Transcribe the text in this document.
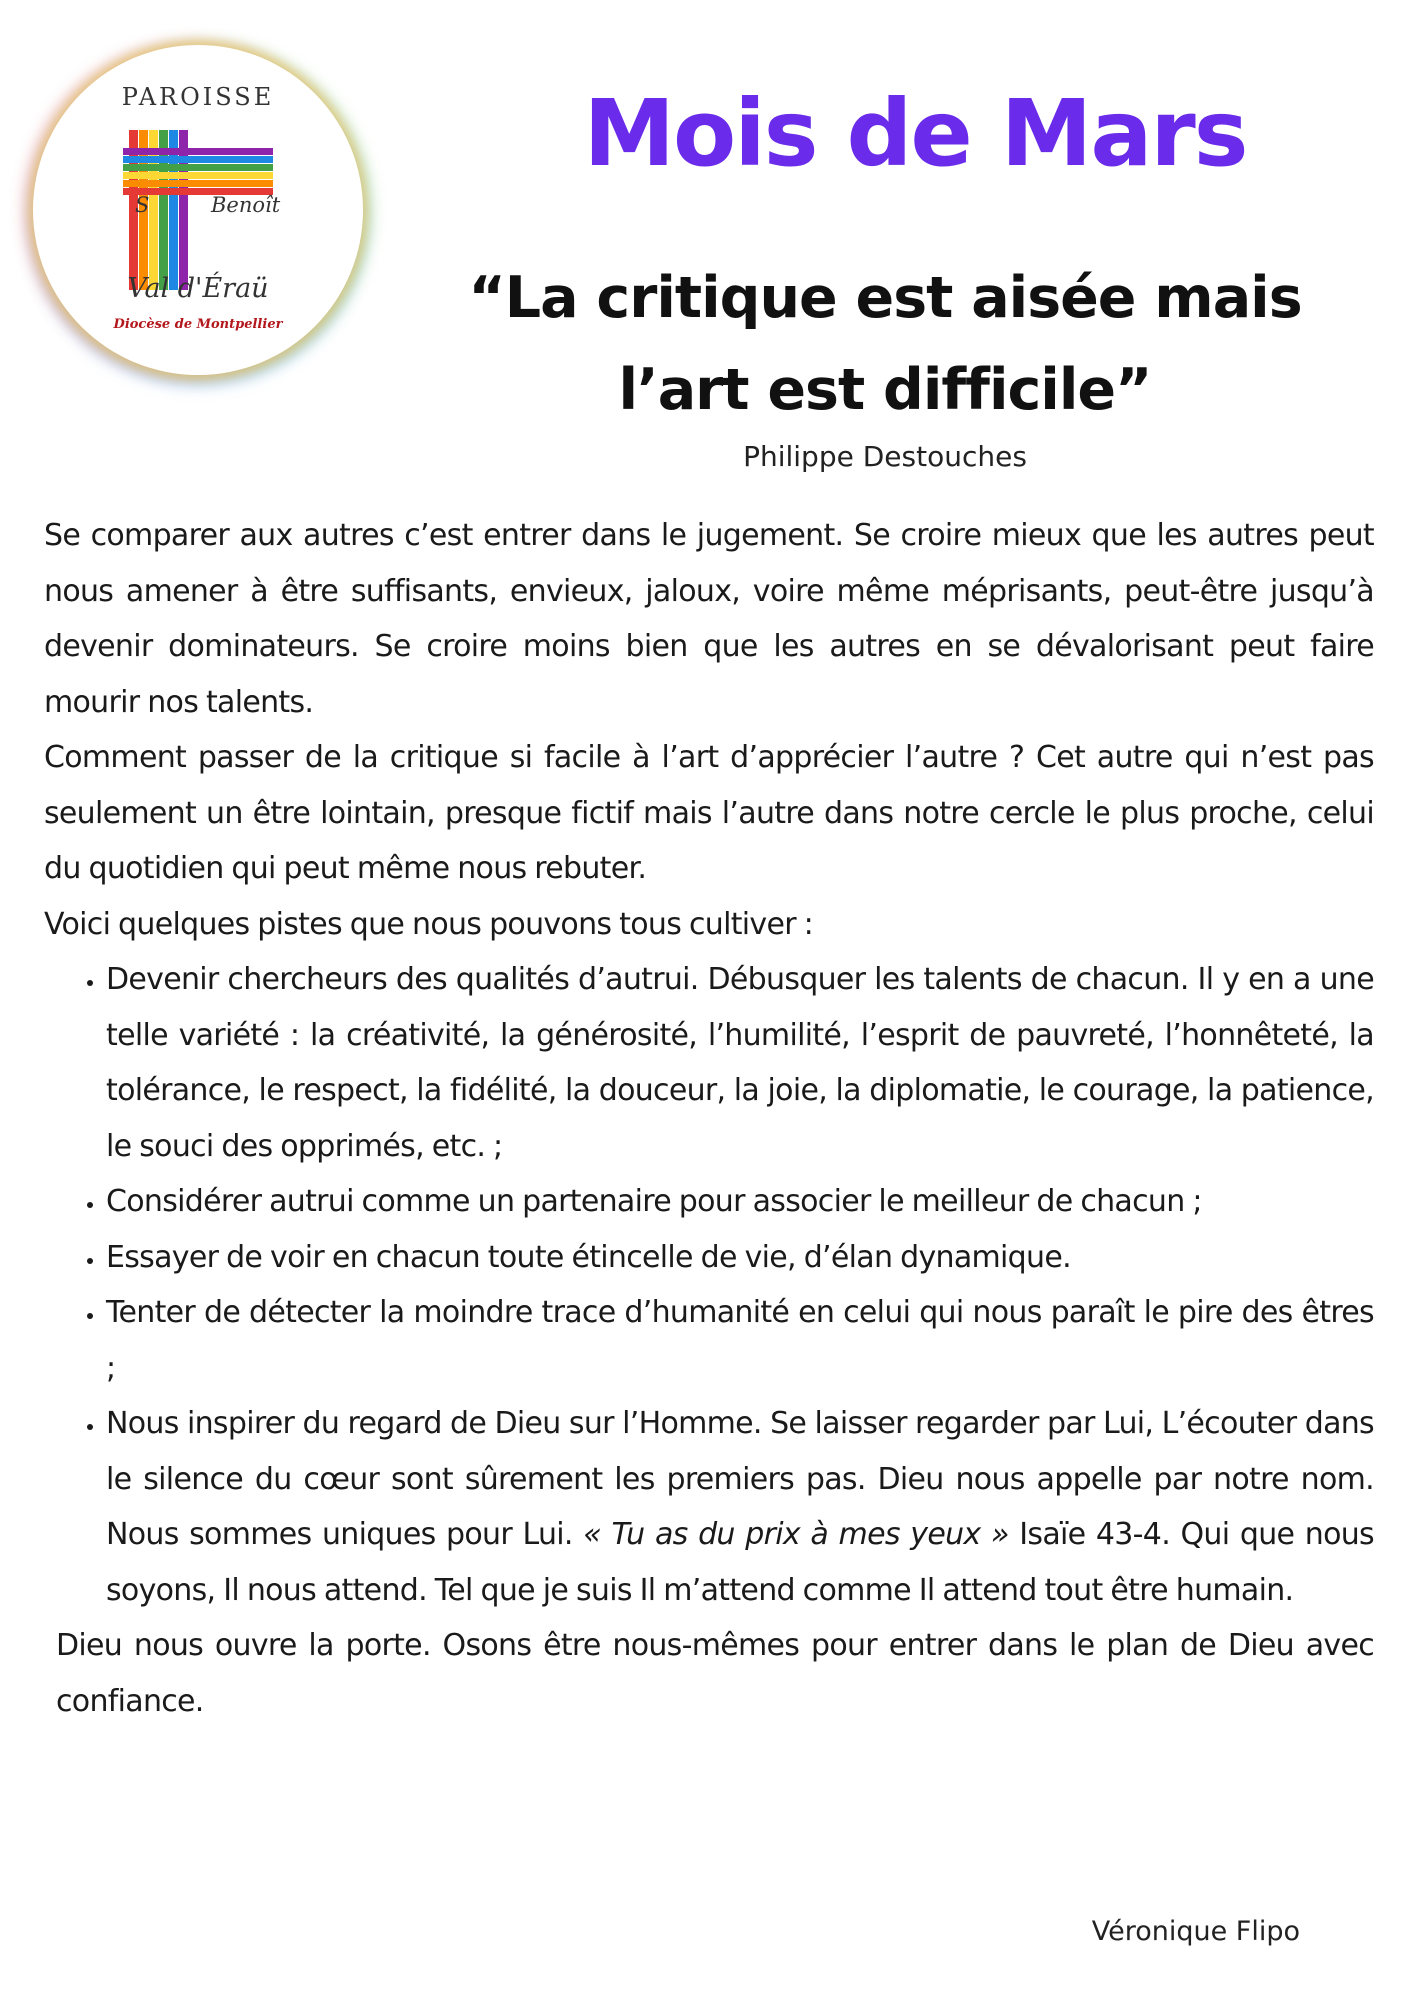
PAROISSE
S	Benoît
Val d'Éraü
Diocèse de Montpellier
Mois de Mars
“La critique est aisée mais l’art est difficile”
Philippe Destouches

Se comparer aux autres c’est entrer dans le jugement. Se croire mieux que les autres peut nous amener à être suffisants, envieux, jaloux, voire même méprisants, peut-être jusqu’à devenir dominateurs. Se croire moins bien que les autres en se dévalorisant peut faire mourir nos talents.

Comment passer de la critique si facile à l’art d’apprécier l’autre ? Cet autre qui n’est pas seulement un être lointain, presque fictif mais l’autre dans notre cercle le plus proche, celui du quotidien qui peut même nous rebuter.

Voici quelques pistes que nous pouvons tous cultiver :

• Devenir chercheurs des qualités d’autrui. Débusquer les talents de chacun. Il y en a une telle variété : la créativité, la générosité, l’humilité, l’esprit de pauvreté, l’honnêteté, la tolérance, le respect, la fidélité, la douceur, la joie, la diplomatie, le courage, la patience, le souci des opprimés, etc. ;
• Considérer autrui comme un partenaire pour associer le meilleur de chacun ;
• Essayer de voir en chacun toute étincelle de vie, d’élan dynamique.
• Tenter de détecter la moindre trace d’humanité en celui qui nous paraît le pire des êtres ;
• Nous inspirer du regard de Dieu sur l’Homme. Se laisser regarder par Lui, L’écouter dans le silence du cœur sont sûrement les premiers pas. Dieu nous appelle par notre nom. Nous sommes uniques pour Lui. « Tu as du prix à mes yeux » Isaïe 43-4. Qui que nous soyons, Il nous attend. Tel que je suis Il m’attend comme Il attend tout être humain.

Dieu nous ouvre la porte. Osons être nous-mêmes pour entrer dans le plan de Dieu avec confiance.

Véronique Flipo
